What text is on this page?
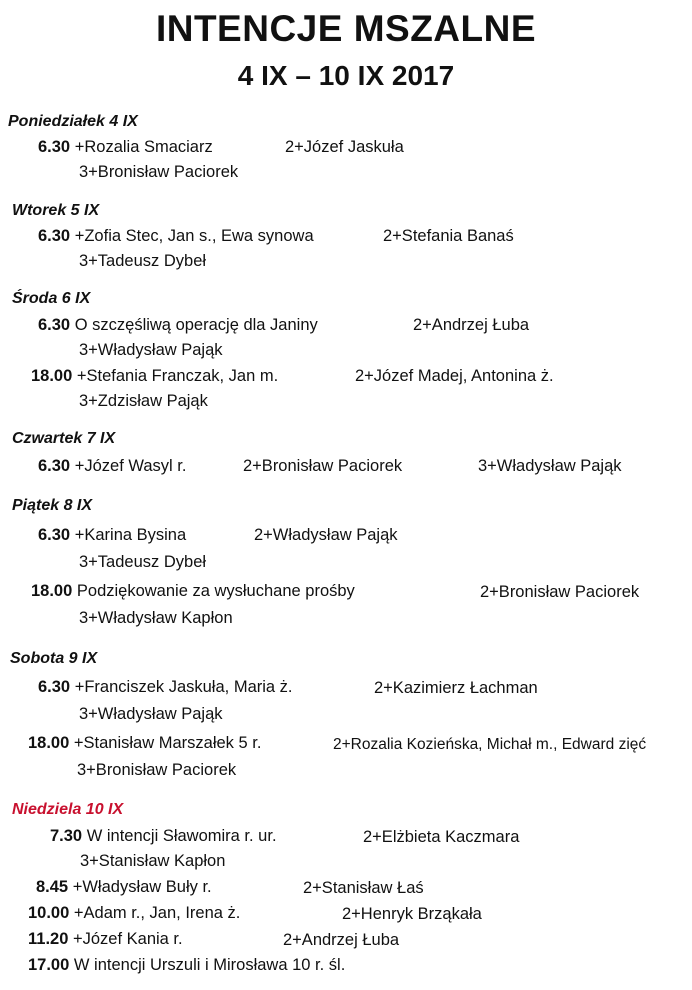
INTENCJE MSZALNE
4 IX – 10 IX 2017
Poniedziałek 4 IX
6.30 +Rozalia Smaciarz	2+Józef Jaskuła
3+Bronisław Paciorek
Wtorek 5 IX
6.30 +Zofia Stec, Jan s., Ewa synowa	2+Stefania Banaś
3+Tadeusz Dybeł
Środa 6 IX
6.30 O szczęśliwą operację dla Janiny	2+Andrzej Łuba
3+Władysław Pająk
18.00 +Stefania Franczak, Jan m.	2+Józef Madej, Antonina ż.
3+Zdzisław Pająk
Czwartek 7 IX
6.30 +Józef Wasyl r.	2+Bronisław Paciorek	3+Władysław Pająk
Piątek 8 IX
6.30 +Karina Bysina	2+Władysław Pająk
3+Tadeusz Dybeł
18.00 Podziękowanie za wysłuchane prośby	2+Bronisław Paciorek
3+Władysław Kapłon
Sobota 9 IX
6.30 +Franciszek Jaskuła, Maria ż.	2+Kazimierz Łachman
3+Władysław Pająk
18.00 +Stanisław Marszałek 5 r.	2+Rozalia Kozieńska, Michał m., Edward zięć
3+Bronisław Paciorek
Niedziela 10 IX
7.30 W intencji Sławomira r. ur.	2+Elżbieta Kaczmara
3+Stanisław Kapłon
8.45 +Władysław Buły r.	2+Stanisław Łaś
10.00 +Adam r., Jan, Irena ż.	2+Henryk Brząkała
11.20 +Józef Kania r.	2+Andrzej Łuba
17.00 W intencji Urszuli i Mirosława 10 r. śl.
